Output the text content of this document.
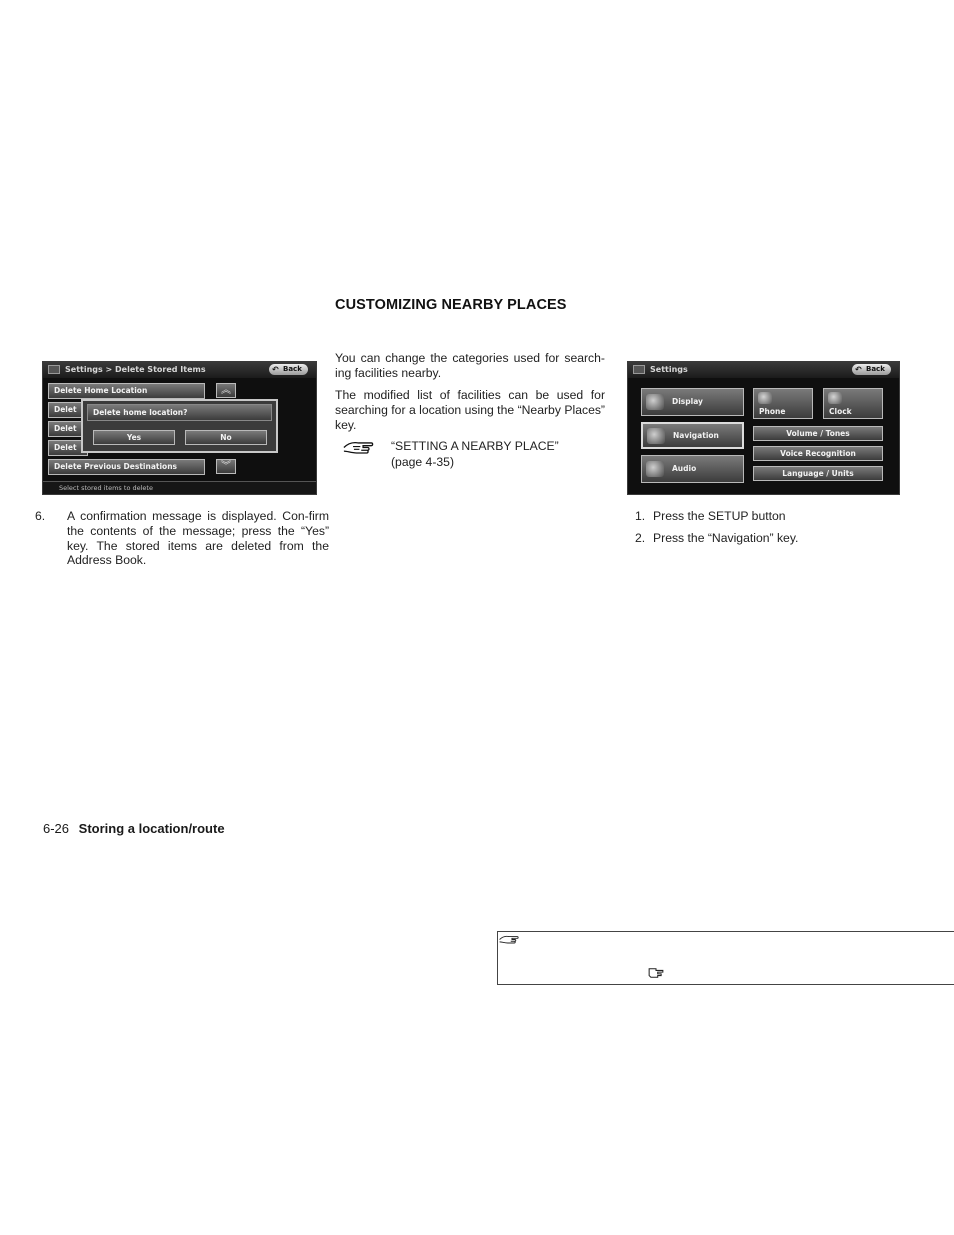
CUSTOMIZING NEARBY PLACES
Settings > Delete Stored Items	↶ Back
Delete Home Location
Delet
Delet
Delet
Delete Previous Destinations
︽
︾
Delete home location?
Yes	No
Select stored items to delete
6. A confirmation message is displayed. Con-firm the contents of the message; press the “Yes” key. The stored items are deleted from the Address Book.
You can change the categories used for search-ing facilities nearby.
The modified list of facilities can be used for searching for a location using the “Nearby Places” key.
“SETTING A NEARBY PLACE”
(page 4-35)
Settings	↶ Back
Display
Navigation
Audio
Phone	Clock
Volume / Tones
Voice Recognition
Language / Units
1. Press the SETUP button
2. Press the “Navigation” key.
6-26 Storing a location/route
